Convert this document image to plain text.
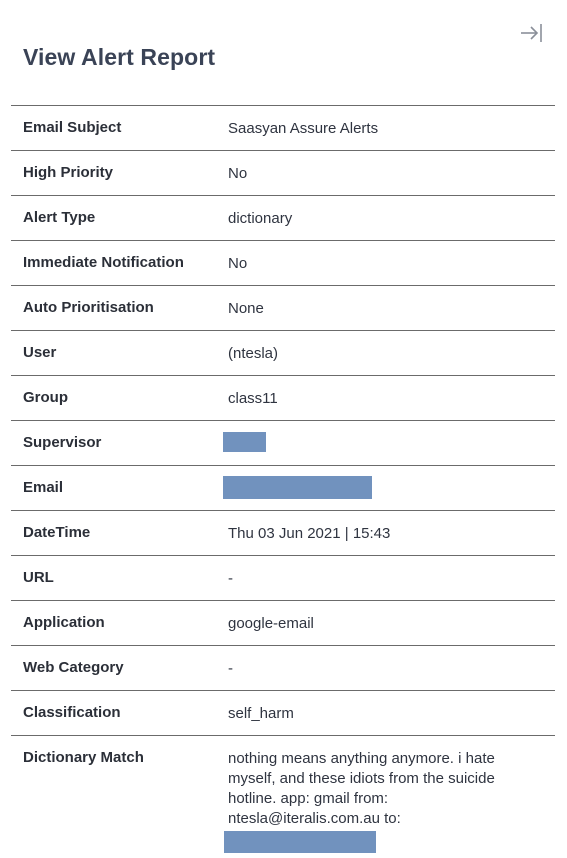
View Alert Report
Email Subject	Saasyan Assure Alerts
High Priority	No
Alert Type	dictionary
Immediate Notification	No
Auto Prioritisation	None
User	(ntesla)
Group	class11
Supervisor
Email
DateTime	Thu 03 Jun 2021 | 15:43
URL	-
Application	google-email
Web Category	-
Classification	self_harm
Dictionary Match	nothing means anything anymore. i hate myself, and these idiots from the suicide hotline. app: gmail from: ntesla@iteralis.com.au to:
